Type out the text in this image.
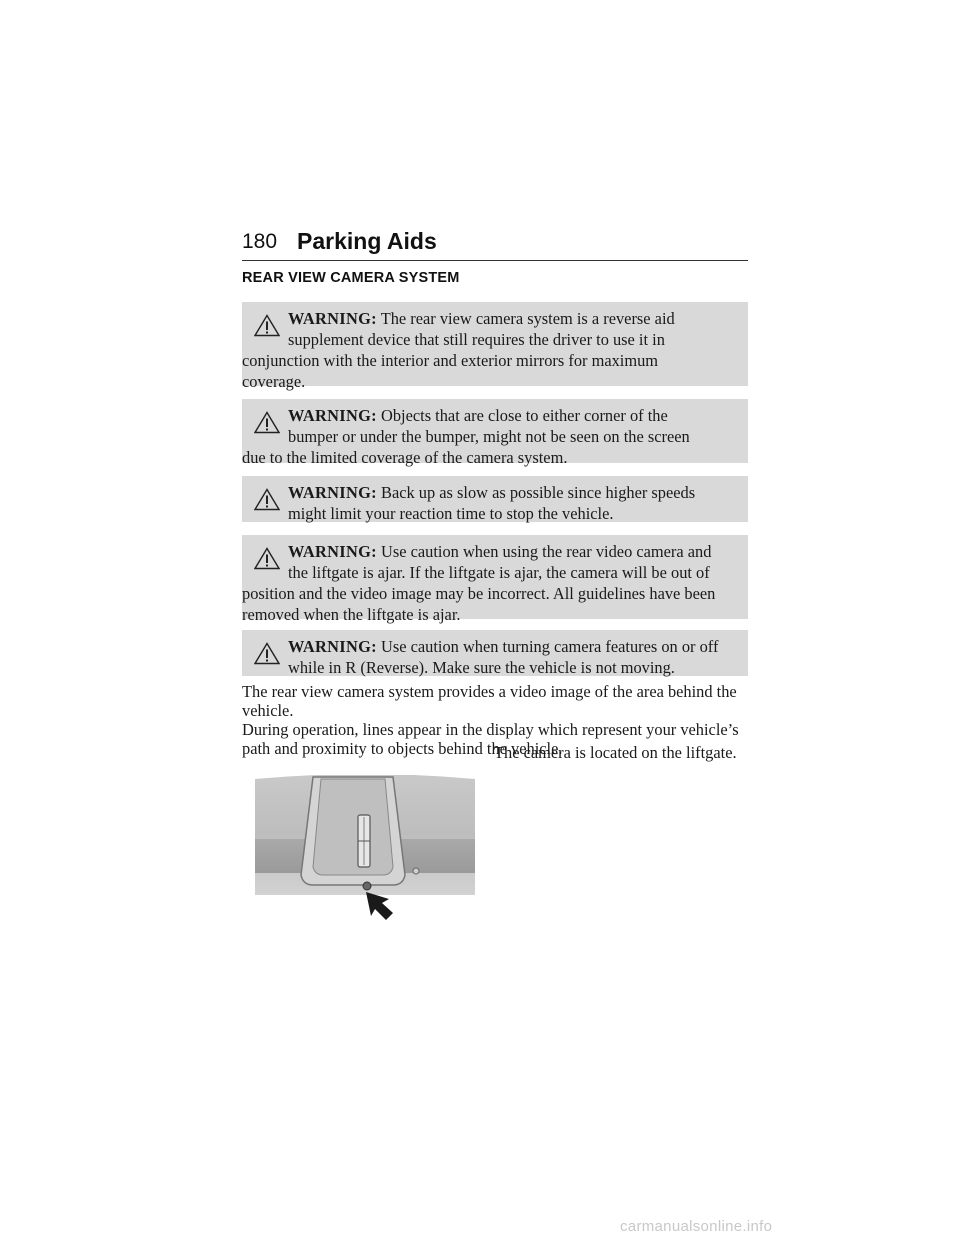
180 Parking Aids
REAR VIEW CAMERA SYSTEM
WARNING: The rear view camera system is a reverse aid
supplement device that still requires the driver to use it in
conjunction with the interior and exterior mirrors for maximum coverage.
WARNING: Objects that are close to either corner of the
bumper or under the bumper, might not be seen on the screen
due to the limited coverage of the camera system.
WARNING: Back up as slow as possible since higher speeds
might limit your reaction time to stop the vehicle.
WARNING: Use caution when using the rear video camera and
the liftgate is ajar. If the liftgate is ajar, the camera will be out of
position and the video image may be incorrect. All guidelines have been removed when the liftgate is ajar.
WARNING: Use caution when turning camera features on or off
while in R (Reverse). Make sure the vehicle is not moving.
The rear view camera system provides a video image of the area behind the vehicle.
During operation, lines appear in the display which represent your vehicle’s path and proximity to objects behind the vehicle.
The camera is located on the liftgate.
carmanualsonline.info
